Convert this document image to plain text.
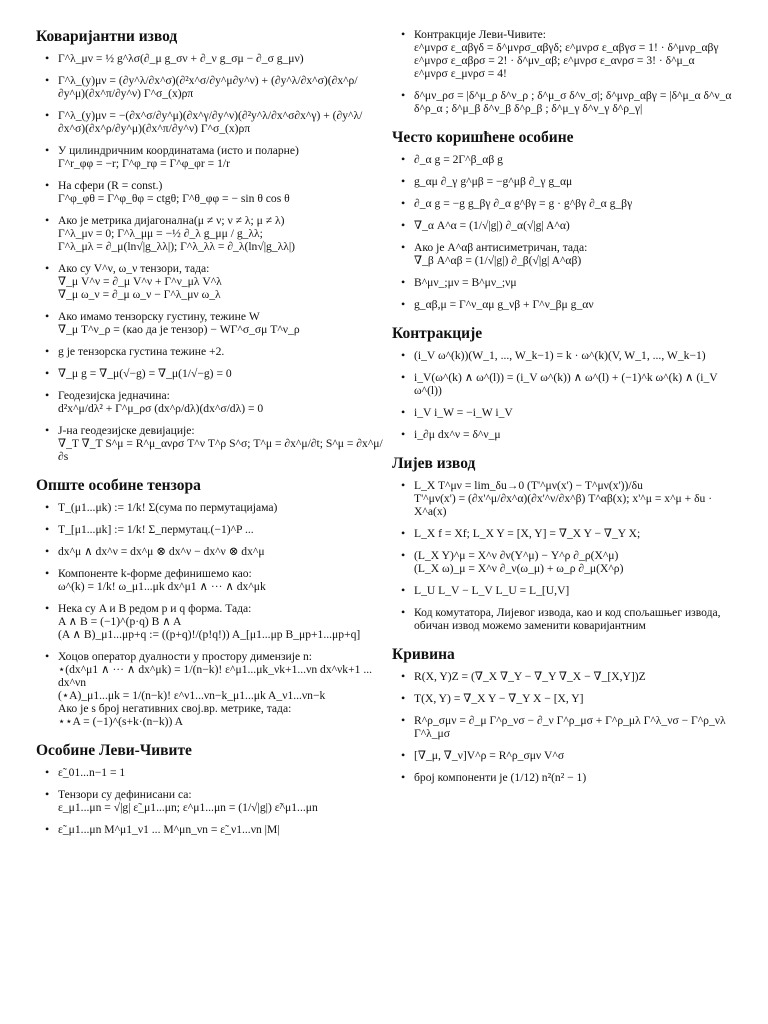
Коваријантни извод
• Γ^λ_μν = ½ g^λσ(∂_μ g_σν + ∂_ν g_σμ − ∂_σ g_μν)
• Γ^λ_(y)μν = (∂y^λ/∂x^σ)(∂²x^σ/∂y^μ∂y^ν) + (∂y^λ/∂x^σ)(∂x^ρ/∂y^μ)(∂x^π/∂y^ν) Γ^σ_(x)ρπ
• Γ^λ_(y)μν = −(∂x^σ/∂y^μ)(∂x^γ/∂y^ν)(∂²y^λ/∂x^σ∂x^γ) + (∂y^λ/∂x^σ)(∂x^ρ/∂y^μ)(∂x^π/∂y^ν) Γ^σ_(x)ρπ
• У цилиндричним координатама (исто и поларне)
Γ^r_φφ = −r; Γ^φ_rφ = Γ^φ_φr = 1/r
• На сфери (R = const.)
Γ^φ_φθ = Γ^φ_θφ = ctgθ; Γ^θ_φφ = − sin θ cos θ
• Ако је метрика дијагонална(μ ≠ ν; ν ≠ λ; μ ≠ λ)
Γ^λ_μν = 0; Γ^λ_μμ = −½ ∂_λ g_μμ / g_λλ;
Γ^λ_μλ = ∂_μ(ln√|g_λλ|); Γ^λ_λλ = ∂_λ(ln√|g_λλ|)
• Ако су V^ν, ω_ν тензори, тада:
∇_μ V^ν = ∂_μ V^ν + Γ^ν_μλ V^λ
∇_μ ω_ν = ∂_μ ω_ν − Γ^λ_μν ω_λ
• Ако имамо тензорску густину, тежине W
∇_μ T^ν_ρ = (као да је тензор) − WΓ^σ_σμ T^ν_ρ
• g је тензорска густина тежине +2.
• ∇_μ g = ∇_μ(√−g) = ∇_μ(1/√−g) = 0
• Геодезијска једначина:
d²x^μ/dλ² + Γ^μ_ρσ (dx^ρ/dλ)(dx^σ/dλ) = 0
• Ј-на геодезијске девијације:
∇_T ∇_T S^μ = R^μ_ανρσ T^ν T^ρ S^σ; T^μ = ∂x^μ/∂t; S^μ = ∂x^μ/∂s
Опште особине тензора
• T_(μ1...μk) := 1/k! Σ(сума по пермутацијама)
• T_[μ1...μk] := 1/k! Σ_пермутац.(−1)^P ...
• dx^μ ∧ dx^ν = dx^μ ⊗ dx^ν − dx^ν ⊗ dx^μ
• Компоненте k-форме дефинишемо као:
ω^(k) = 1/k! ω_μ1...μk dx^μ1 ∧ ··· ∧ dx^μk
• Нека су A и B редом p и q форма. Тада:
A ∧ B = (−1)^(p·q) B ∧ A
(A ∧ B)_μ1...μp+q := ((p+q)!/(p!q!)) A_[μ1...μp B_μp+1...μp+q]
• Хоцов оператор дуалности у простору димензије n:
⋆(dx^μ1 ∧ ··· ∧ dx^μk) = 1/(n−k)! ε^μ1...μk_νk+1...νn dx^νk+1 ... dx^νn
(⋆A)_μ1...μk = 1/(n−k)! ε^ν1...νn−k_μ1...μk A_ν1...νn−k
Ако је s број негативних свој.вр. метрике, тада:
⋆⋆A = (−1)^(s+k·(n−k)) A
Особине Леви-Чивите
• ε̃_01...n−1 = 1
• Тензори су дефинисани са:
ε_μ1...μn = √|g| ε̃_μ1...μn; ε^μ1...μn = (1/√|g|) ε̃^μ1...μn
• ε̃_μ1...μn M^μ1_ν1 ... M^μn_νn = ε̃_ν1...νn |M|
• Контракције Леви-Чивите:
ε^μνρσ ε_αβγδ = δ^μνρσ_αβγδ; ε^μνρσ ε_αβγσ = 1! · δ^μνρ_αβγ
ε^μνρσ ε_αβρσ = 2! · δ^μν_αβ; ε^μνρσ ε_ανρσ = 3! · δ^μ_α
ε^μνρσ ε_μνρσ = 4!
• δ^μν_ρσ = |δ^μ_ρ δ^ν_ρ ; δ^μ_σ δ^ν_σ|; δ^μνρ_αβγ = |δ^μ_α δ^ν_α δ^ρ_α ; δ^μ_β δ^ν_β δ^ρ_β ; δ^μ_γ δ^ν_γ δ^ρ_γ|
Често коришћене особине
• ∂_α g = 2Γ^β_αβ g
• g_αμ ∂_γ g^μβ = −g^μβ ∂_γ g_αμ
• ∂_α g = −g g_βγ ∂_α g^βγ = g · g^βγ ∂_α g_βγ
• ∇_α A^α = (1/√|g|) ∂_α(√|g| A^α)
• Ако је A^αβ антисиметричан, тада:
∇_β A^αβ = (1/√|g|) ∂_β(√|g| A^αβ)
• B^μν_;μν = B^μν_;νμ
• g_αβ,μ = Γ^ν_αμ g_νβ + Γ^ν_βμ g_αν
Контракције
• (i_V ω^(k))(W_1, ..., W_k−1) = k · ω^(k)(V, W_1, ..., W_k−1)
• i_V(ω^(k) ∧ ω^(l)) = (i_V ω^(k)) ∧ ω^(l) + (−1)^k ω^(k) ∧ (i_V ω^(l))
• i_V i_W = −i_W i_V
• i_∂μ dx^ν = δ^ν_μ
Лијев извод
• L_X T^μν = lim_δu→0 (T'^μν(x') − T^μν(x'))/δu
T'^μν(x') = (∂x'^μ/∂x^α)(∂x'^ν/∂x^β) T^αβ(x); x'^μ = x^μ + δu · X^a(x)
• L_X f = Xf; L_X Y = [X, Y] = ∇_X Y − ∇_Y X;
• (L_X Y)^μ = X^ν ∂ν(Y^μ) − Y^ρ ∂_ρ(X^μ)
(L_X ω)_μ = X^ν ∂_ν(ω_μ) + ω_ρ ∂_μ(X^ρ)
• L_U L_V − L_V L_U = L_[U,V]
• Код комутатора, Лијевог извода, као и код спољашњег извода, обичан извод можемо заменити коваријантним
Кривина
• R(X, Y)Z = (∇_X ∇_Y − ∇_Y ∇_X − ∇_[X,Y])Z
• T(X, Y) = ∇_X Y − ∇_Y X − [X, Y]
• R^ρ_σμν = ∂_μ Γ^ρ_νσ − ∂_ν Γ^ρ_μσ + Γ^ρ_μλ Γ^λ_νσ − Γ^ρ_νλ Γ^λ_μσ
• [∇_μ, ∇_ν]V^ρ = R^ρ_σμν V^σ
• број компоненти је (1/12) n²(n² − 1)
